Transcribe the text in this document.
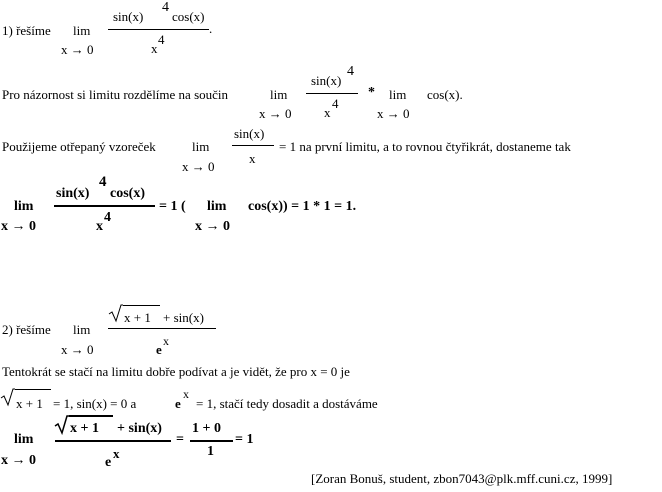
1) řešíme lim
x → 0
sin(x)
4
cos(x)
.
x
4
Pro názornost si limitu rozdělíme na součin	lim
x → 0
sin(x)
4
x
4
* lim
x → 0
cos(x).
Použijeme otřepaný vzoreček	lim
x → 0
sin(x)
x
= 1 na první limitu, a to rovnou čtyřikrát, dostaneme tak
lim
x → 0
sin(x)
4
cos(x)
x
4
= 1 ( lim
x → 0
cos(x)) = 1 * 1 = 1.
2) řešíme lim
x → 0
x + 1 + sin(x)
e
x
Tentokrát se stačí na limitu dobře podívat a je vidět, že pro x = 0 je
x + 1 = 1, sin(x) = 0 a	e
x
= 1, stačí tedy dosadit a dostáváme
lim
x → 0
x + 1 + sin(x)
e
x
=
1 + 0
1
= 1
[Zoran Bonuš, student, zbon7043@plk.mff.cuni.cz, 1999]
